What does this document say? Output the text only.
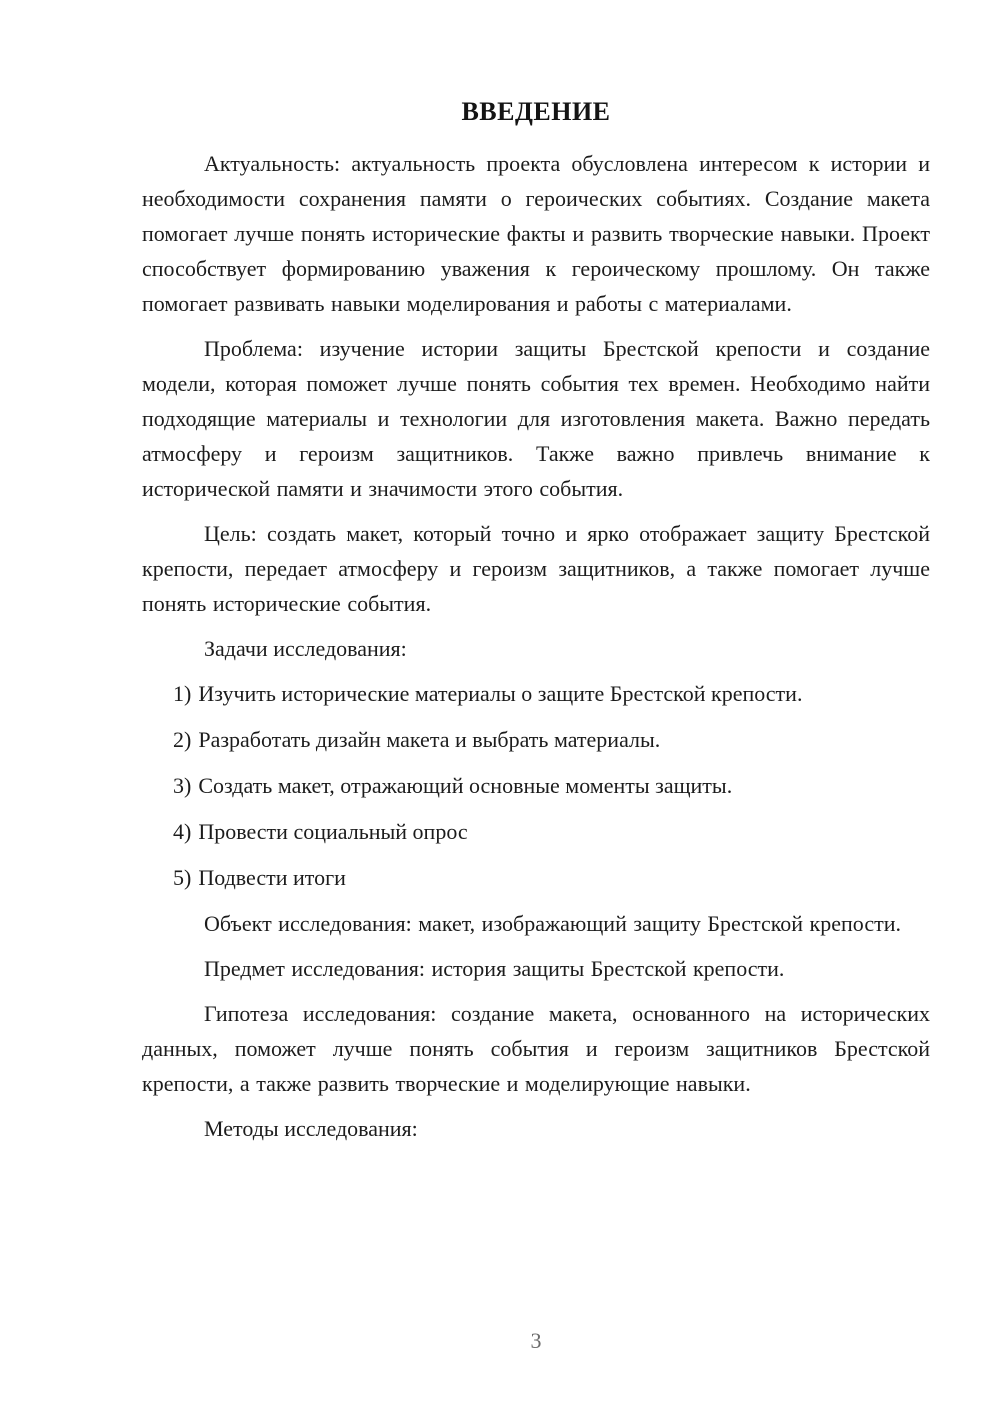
ВВЕДЕНИЕ

Актуальность: актуальность проекта обусловлена интересом к истории и необходимости сохранения памяти о героических событиях. Создание макета помогает лучше понять исторические факты и развить творческие навыки. Проект способствует формированию уважения к героическому прошлому. Он также помогает развивать навыки моделирования и работы с материалами.

Проблема: изучение истории защиты Брестской крепости и создание модели, которая поможет лучше понять события тех времен. Необходимо найти подходящие материалы и технологии для изготовления макета. Важно передать атмосферу и героизм защитников. Также важно привлечь внимание к исторической памяти и значимости этого события.

Цель: создать макет, который точно и ярко отображает защиту Брестской крепости, передает атмосферу и героизм защитников, а также помогает лучше понять исторические события.

Задачи исследования:

1) Изучить исторические материалы о защите Брестской крепости.
2) Разработать дизайн макета и выбрать материалы.
3) Создать макет, отражающий основные моменты защиты.
4) Провести социальный опрос
5) Подвести итоги

Объект исследования: макет, изображающий защиту Брестской крепости.

Предмет исследования: история защиты Брестской крепости.

Гипотеза исследования: создание макета, основанного на исторических данных, поможет лучше понять события и героизм защитников Брестской крепости, а также развить творческие и моделирующие навыки.

Методы исследования:

3
